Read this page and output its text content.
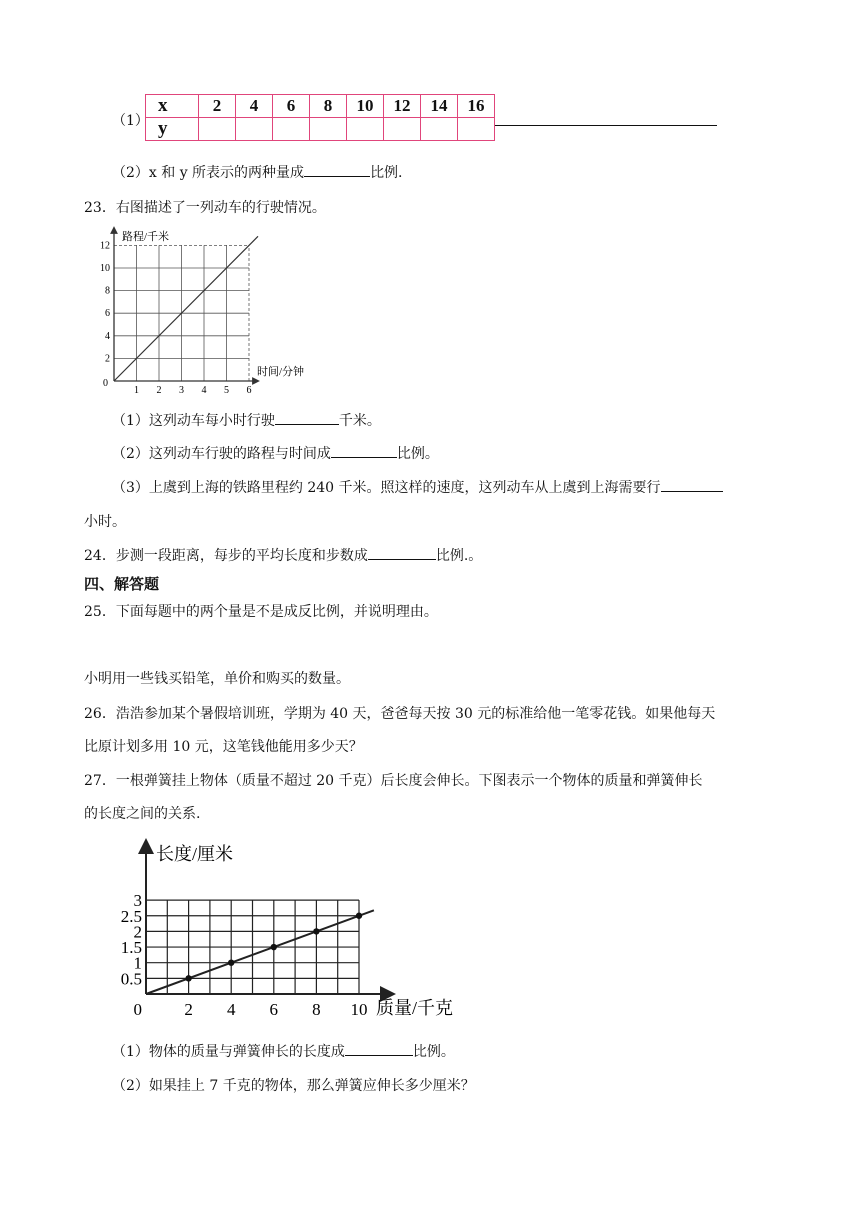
（1）
x	2	4	6	8	10	12	14	16
y								
（2）x 和 y 所表示的两种量成	比例.
23．右图描述了一列动车的行驶情况。
1 2 3 4 5 6
2
4
6
8
10
12
路程/千米
时间/分钟
0
（1）这列动车每小时行驶	千米。
（2）这列动车行驶的路程与时间成	比例。
（3）上虞到上海的铁路里程约 240 千米。照这样的速度，这列动车从上虞到上海需要行
小时。
24．步测一段距离，每步的平均长度和步数成	比例.。
四、解答题
25．下面每题中的两个量是不是成反比例，并说明理由。
小明用一些钱买铅笔，单价和购买的数量。
26．浩浩参加某个暑假培训班，学期为 40 天，爸爸每天按 30 元的标准给他一笔零花钱。如果他每天
比原计划多用 10 元，这笔钱他能用多少天？
27．一根弹簧挂上物体（质量不超过 20 千克）后长度会伸长。下图表示一个物体的质量和弹簧伸长
的长度之间的关系.
2 4 6 8 10
0.5
1
1.5
2
2.5
3
长度/厘米
质量/千克
0
（1）物体的质量与弹簧伸长的长度成	比例。
（2）如果挂上 7 千克的物体，那么弹簧应伸长多少厘米？
